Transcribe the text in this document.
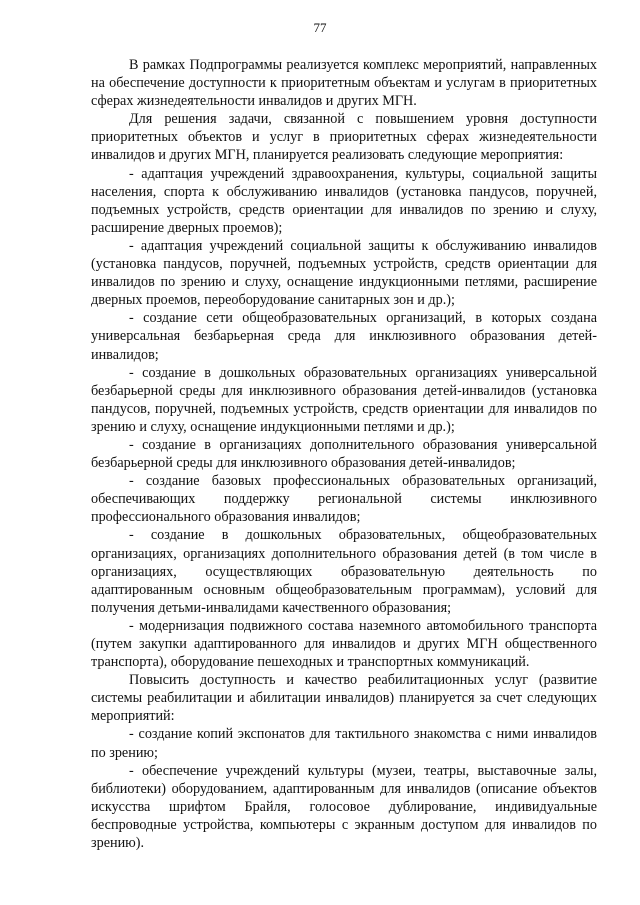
77

В рамках Подпрограммы реализуется комплекс мероприятий, направленных на обеспечение доступности к приоритетным объектам и услугам в приоритетных сферах жизнедеятельности инвалидов и других МГН.

Для решения задачи, связанной с повышением уровня доступности приоритетных объектов и услуг в приоритетных сферах жизнедеятельности инвалидов и других МГН, планируется реализовать следующие мероприятия:

- адаптация учреждений здравоохранения, культуры, социальной защиты населения, спорта к обслуживанию инвалидов (установка пандусов, поручней, подъемных устройств, средств ориентации для инвалидов по зрению и слуху, расширение дверных проемов);

- адаптация учреждений социальной защиты к обслуживанию инвалидов (установка пандусов, поручней, подъемных устройств, средств ориентации для инвалидов по зрению и слуху, оснащение индукционными петлями, расширение дверных проемов, переоборудование санитарных зон и др.);

- создание сети общеобразовательных организаций, в которых создана универсальная безбарьерная среда для инклюзивного образования детей-инвалидов;

- создание в дошкольных образовательных организациях универсальной безбарьерной среды для инклюзивного образования детей-инвалидов (установка пандусов, поручней, подъемных устройств, средств ориентации для инвалидов по зрению и слуху, оснащение индукционными петлями и др.);

- создание в организациях дополнительного образования универсальной безбарьерной среды для инклюзивного образования детей-инвалидов;

- создание базовых профессиональных образовательных организаций, обеспечивающих поддержку региональной системы инклюзивного профессионального образования инвалидов;

- создание в дошкольных образовательных, общеобразовательных организациях, организациях дополнительного образования детей (в том числе в организациях, осуществляющих образовательную деятельность по адаптированным основным общеобразовательным программам), условий для получения детьми-инвалидами качественного образования;

- модернизация подвижного состава наземного автомобильного транспорта (путем закупки адаптированного для инвалидов и других МГН общественного транспорта), оборудование пешеходных и транспортных коммуникаций.

Повысить доступность и качество реабилитационных услуг (развитие системы реабилитации и абилитации инвалидов) планируется за счет следующих мероприятий:

- создание копий экспонатов для тактильного знакомства с ними инвалидов по зрению;

- обеспечение учреждений культуры (музеи, театры, выставочные залы, библиотеки) оборудованием, адаптированным для инвалидов (описание объектов искусства шрифтом Брайля, голосовое дублирование, индивидуальные беспроводные устройства, компьютеры с экранным доступом для инвалидов по зрению).
